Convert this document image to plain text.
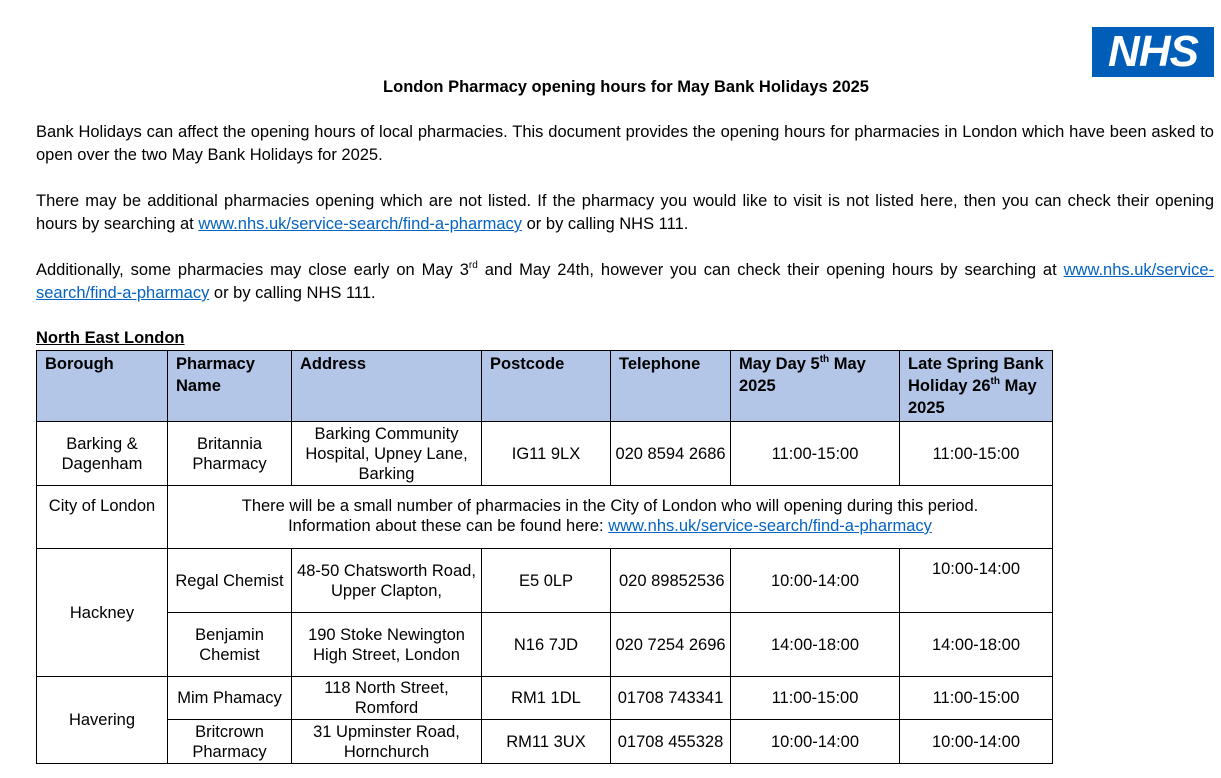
NHS
London Pharmacy opening hours for May Bank Holidays 2025
Bank Holidays can affect the opening hours of local pharmacies. This document provides the opening hours for pharmacies in London which have been asked to open over the two May Bank Holidays for 2025.
There may be additional pharmacies opening which are not listed. If the pharmacy you would like to visit is not listed here, then you can check their opening hours by searching at www.nhs.uk/service-search/find-a-pharmacy or by calling NHS 111.
Additionally, some pharmacies may close early on May 3rd and May 24th, however you can check their opening hours by searching at www.nhs.uk/service-search/find-a-pharmacy or by calling NHS 111.
North East London
Borough	Pharmacy Name	Address	Postcode	Telephone	May Day 5th May 2025	Late Spring Bank Holiday 26th May 2025
Barking & Dagenham	Britannia Pharmacy	Barking Community Hospital, Upney Lane, Barking	IG11 9LX	020 8594 2686	11:00-15:00	11:00-15:00
City of London	There will be a small number of pharmacies in the City of London who will opening during this period.
Information about these can be found here: www.nhs.uk/service-search/find-a-pharmacy					

Hackney	Regal Chemist	48-50 Chatsworth Road, Upper Clapton,	E5 0LP	020 89852536	10:00-14:00	10:00-14:00
	Benjamin Chemist	190 Stoke Newington High Street, London	N16 7JD	020 7254 2696	14:00-18:00	14:00-18:00
Havering	Mim Phamacy	118 North Street, Romford	RM1 1DL	01708 743341	11:00-15:00	11:00-15:00
	Britcrown Pharmacy	31 Upminster Road, Hornchurch	RM11 3UX	01708 455328	10:00-14:00	10:00-14:00
